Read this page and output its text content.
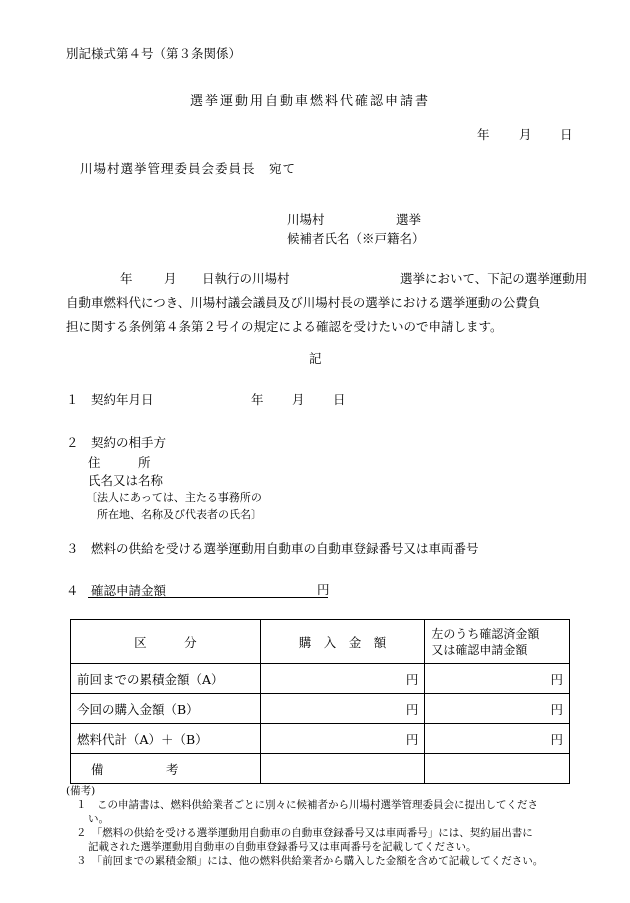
別記様式第４号（第３条関係）
選挙運動用自動車燃料代確認申請書
年 月 日
川場村選挙管理委員会委員長　宛て
川場村	選挙
候補者氏名（※戸籍名）
年	月 日執行の川場村	選挙において、下記の選挙運動用

自動車燃料代につき、川場村議会議員及び川場村長の選挙における選挙運動の公費負

担に関する条例第４条第２号イの規定による確認を受けたいので申請します。

記
１　契約年月日	年 月 日
２　契約の相手方
住　　　所
氏名又は名称
〔法人にあっては、主たる事務所の
所在地、名称及び代表者の氏名〕
３　燃料の供給を受ける選挙運動用自動車の自動車登録番号又は車両番号
４　確認申請金額	円
区　　　分	購　入　金　額	左のうち確認済金額
又は確認申請金額

前回までの累積金額（A）	円	円
今回の購入金額（B）	円	円
燃料代計（A）＋（B）	円	円
備　　　　　考		
(備考)
１　この申請書は、燃料供給業者ごとに別々に候補者から川場村選挙管理委員会に提出してくださ
い。
２　「燃料の供給を受ける選挙運動用自動車の自動車登録番号又は車両番号」には、契約届出書に
記載された選挙運動用自動車の自動車登録番号又は車両番号を記載してください。
３　「前回までの累積金額」には、他の燃料供給業者から購入した金額を含めて記載してください。
